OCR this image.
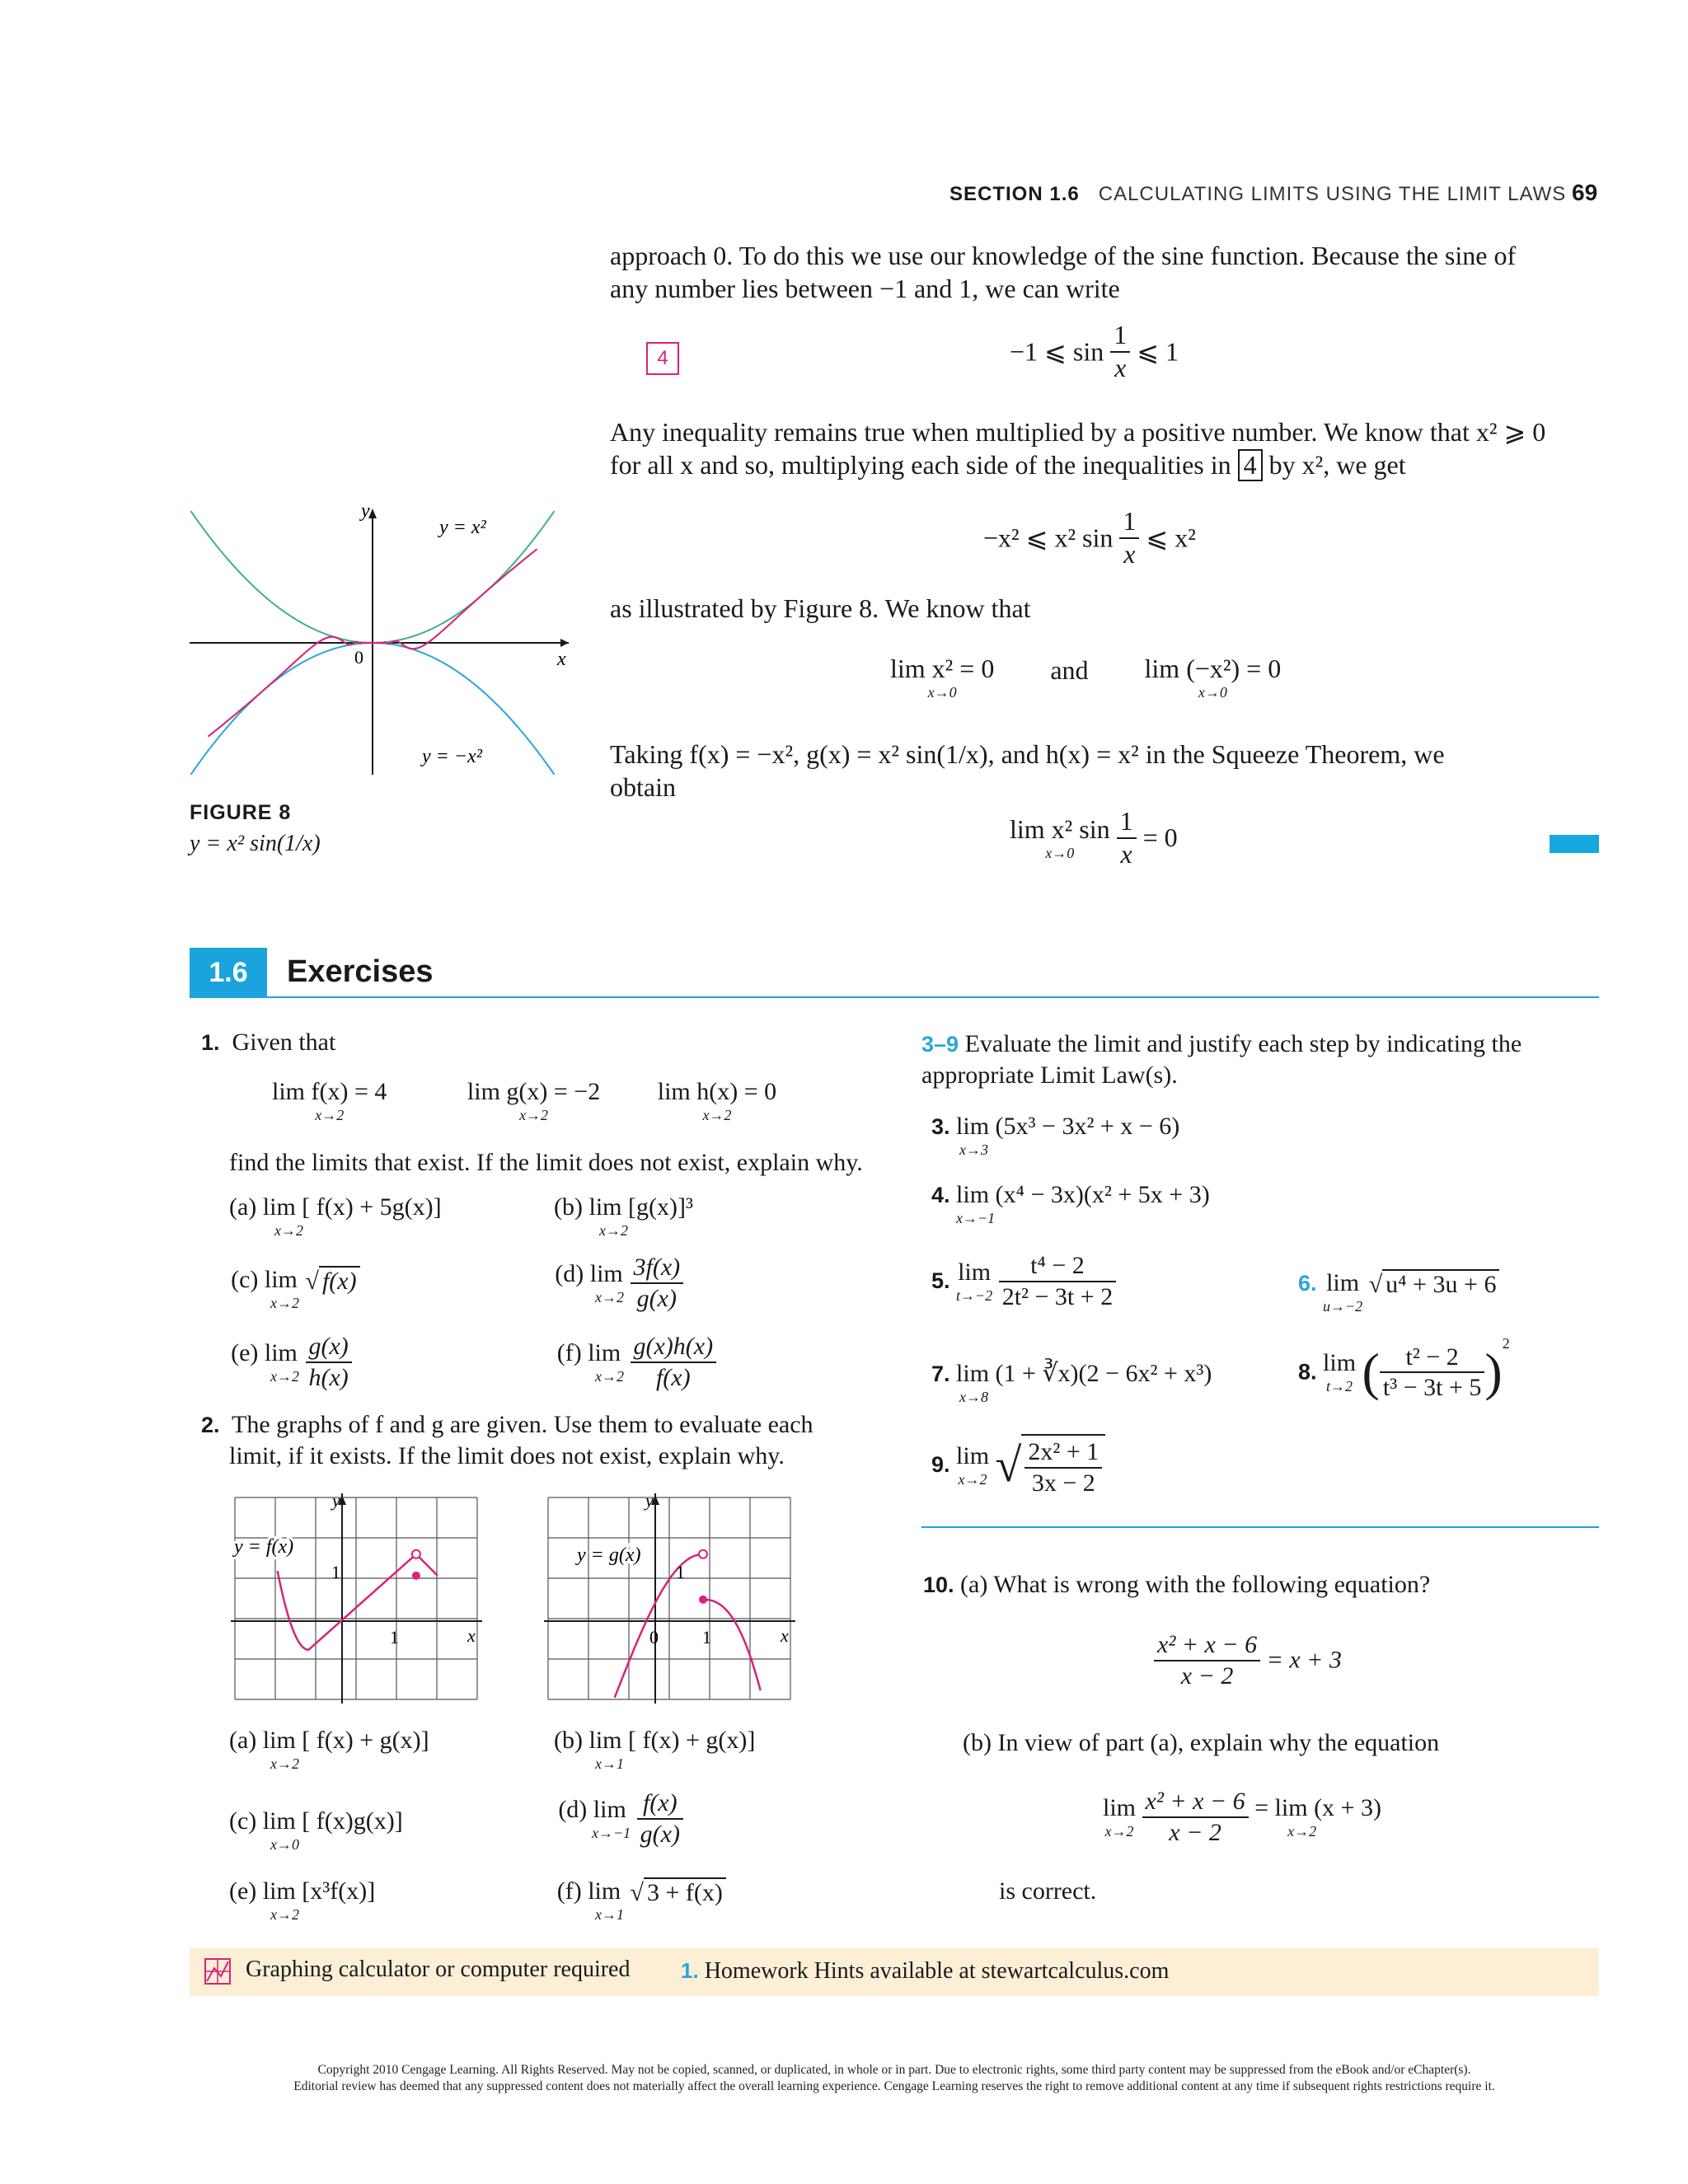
SECTION 1.6 CALCULATING LIMITS USING THE LIMIT LAWS 69
approach 0. To do this we use our knowledge of the sine function. Because the sine of
any number lies between −1 and 1, we can write
4	−1 ⩽ $\sin \frac{1}{x}$ ⩽ 1
Any inequality remains true when multiplied by a positive number. We know that x² ⩾ 0
for all x and so, multiplying each side of the inequalities in 4 by x², we get
−x² ⩽ x² $\sin \frac{1}{x}$ ⩽ x²
as illustrated by Figure 8. We know that
lim x² = 0
x→0
and lim (−x²) = 0
x→0
Taking f(x) = −x², g(x) = x² sin(1/x), and h(x) = x² in the Squeeze Theorem, we
obtain
lim x² sin
x→0
	$\frac{1}{x} = 0$
y
x
0
y = x²
y = −x²
FIGURE 8
y = x² sin(1/x)
1.6	Exercises
1. Given that
lim f(x) = 4
x→2

lim g(x) = −2
x→2

lim h(x) = 0
x→2
find the limits that exist. If the limit does not exist, explain why.
(a) lim [ f(x) + 5g(x)]
x→2
(b) lim [g(x)]³
x→2
(c) lim
x→2
√ f(x)	(d) lim
x→2
$\frac{3f(x)}{g(x)}$
(e) lim
x→2
$\frac{g(x)}{h(x)}$	(f) lim
x→2
$\frac{g(x)h(x)}{f(x)}$
2. The graphs of f and g are given. Use them to evaluate each
limit, if it exists. If the limit does not exist, explain why.
y = f(x)
y
x
1
1
y = g(x)
y
x
0 1
1
(a) lim [ f(x) + g(x)]
x→2
(b) lim [ f(x) + g(x)]
x→1
(c) lim [ f(x)g(x)]
x→0
(d) lim
x→−1
$\frac{f(x)}{g(x)}$
(e) lim [x³f(x)]
x→2
(f) lim
x→1
√ 3 + f(x)
3–9 Evaluate the limit and justify each step by indicating the
appropriate Limit Law(s).
3. lim (5x³ − 3x² + x − 6)
x→3
4. lim (x⁴ − 3x)(x² + 5x + 3)
x→−1
5. lim
t→−2
$\frac{\text{t⁴ − 2}}{\text{2t² − 3t + 2}}$	6. lim
u→−2
√ u⁴ + 3u + 6
7. lim (1 + ∛x)(2 − 6x² + x³)
x→8
8. lim
t→2 ( $\frac{\text{t² − 2}}{\text{t³ − 3t + 5}} )^2$
9. lim
x→2 √ $\frac{\text{2x² + 1}}{3x - 2}$
10. (a) What is wrong with the following equation?
$\frac{\text{x² + x − 6}}{x - 2} = x + 3$
(b) In view of part (a), explain why the equation
lim
x→2
$\frac{\text{x² + x − 6}}{x - 2}$
= lim (x + 3)
x→2
is correct.
Graphing calculator or computer required 1. Homework Hints available at stewartcalculus.com
Copyright 2010 Cengage Learning. All Rights Reserved. May not be copied, scanned, or duplicated, in whole or in part. Due to electronic rights, some third party content may be suppressed from the eBook and/or eChapter(s).
Editorial review has deemed that any suppressed content does not materially affect the overall learning experience. Cengage Learning reserves the right to remove additional content at any time if subsequent rights restrictions require it.
